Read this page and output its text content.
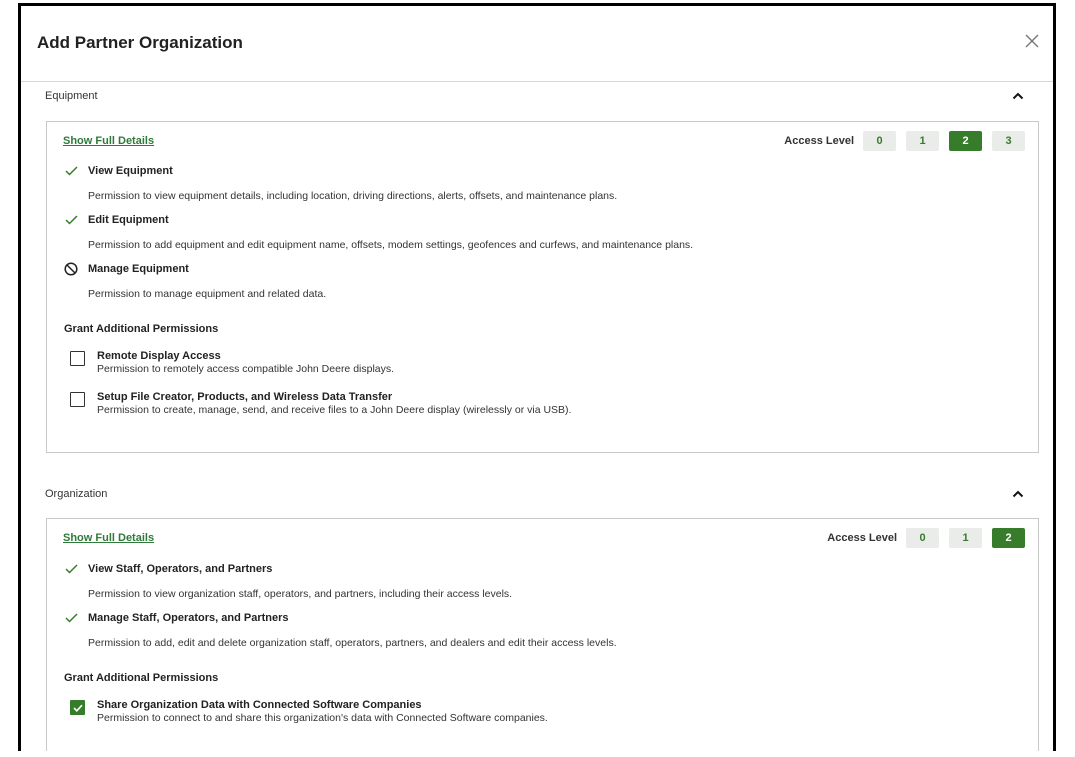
Add Partner Organization
Equipment
Show Full Details	Access Level	0	1	2	3
View Equipment
Permission to view equipment details, including location, driving directions, alerts, offsets, and maintenance plans.
Edit Equipment
Permission to add equipment and edit equipment name, offsets, modem settings, geofences and curfews, and maintenance plans.
Manage Equipment
Permission to manage equipment and related data.
Grant Additional Permissions
Remote Display Access
Permission to remotely access compatible John Deere displays.
Setup File Creator, Products, and Wireless Data Transfer
Permission to create, manage, send, and receive files to a John Deere display (wirelessly or via USB).
Organization
Show Full Details	Access Level	0	1	2
View Staff, Operators, and Partners
Permission to view organization staff, operators, and partners, including their access levels.
Manage Staff, Operators, and Partners
Permission to add, edit and delete organization staff, operators, partners, and dealers and edit their access levels.
Grant Additional Permissions
Share Organization Data with Connected Software Companies
Permission to connect to and share this organization's data with Connected Software companies.
